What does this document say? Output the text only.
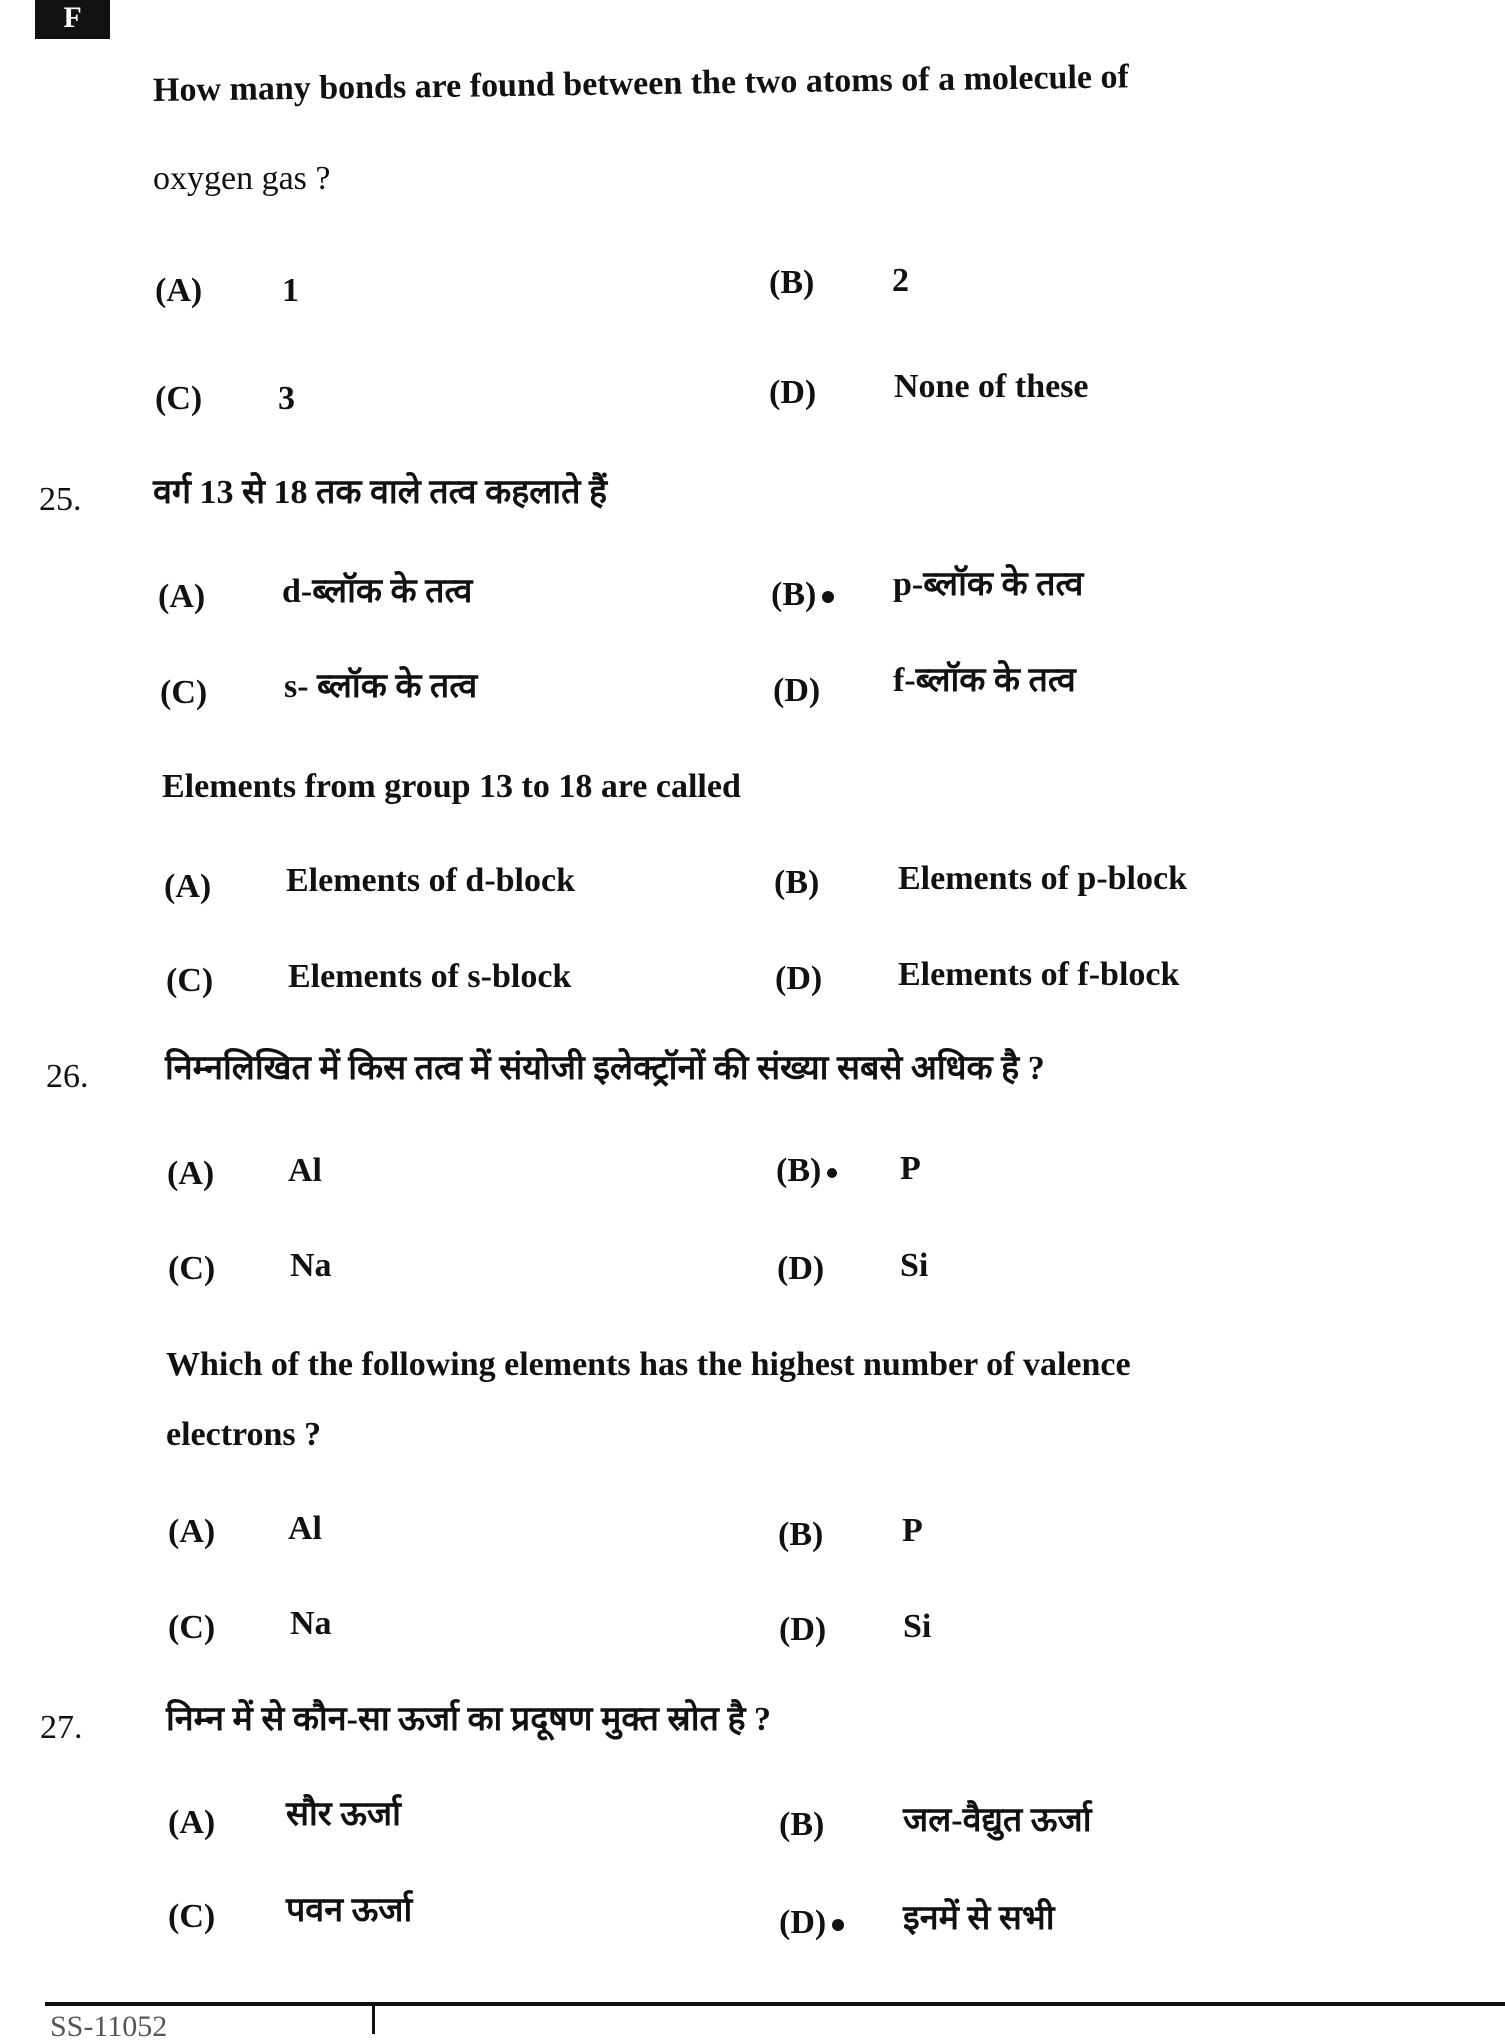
F
How many bonds are found between the two atoms of a molecule of
oxygen gas ?
(A) 1	(B) 2
(C) 3	(D) None of these
25. वर्ग 13 से 18 तक वाले तत्व कहलाते हैं
(A) d-ब्लॉक के तत्व	(B)	p-ब्लॉक के तत्व
(C) s- ब्लॉक के तत्व	(D) f-ब्लॉक के तत्व
Elements from group 13 to 18 are called
(A) Elements of d-block	(B) Elements of p-block
(C) Elements of s-block	(D) Elements of f-block
26. निम्नलिखित में किस तत्व में संयोजी इलेक्ट्रॉनों की संख्या सबसे अधिक है ?
(A) Al	(B)	P
(C) Na	(D) Si
Which of the following elements has the highest number of valence
electrons ?
(A) Al	(B) P
(C) Na	(D) Si
27. निम्न में से कौन-सा ऊर्जा का प्रदूषण मुक्त स्रोत है ?
(A) सौर ऊर्जा	(B) जल-वैद्युत ऊर्जा
(C) पवन ऊर्जा	(D)	इनमें से सभी
SS-11052
